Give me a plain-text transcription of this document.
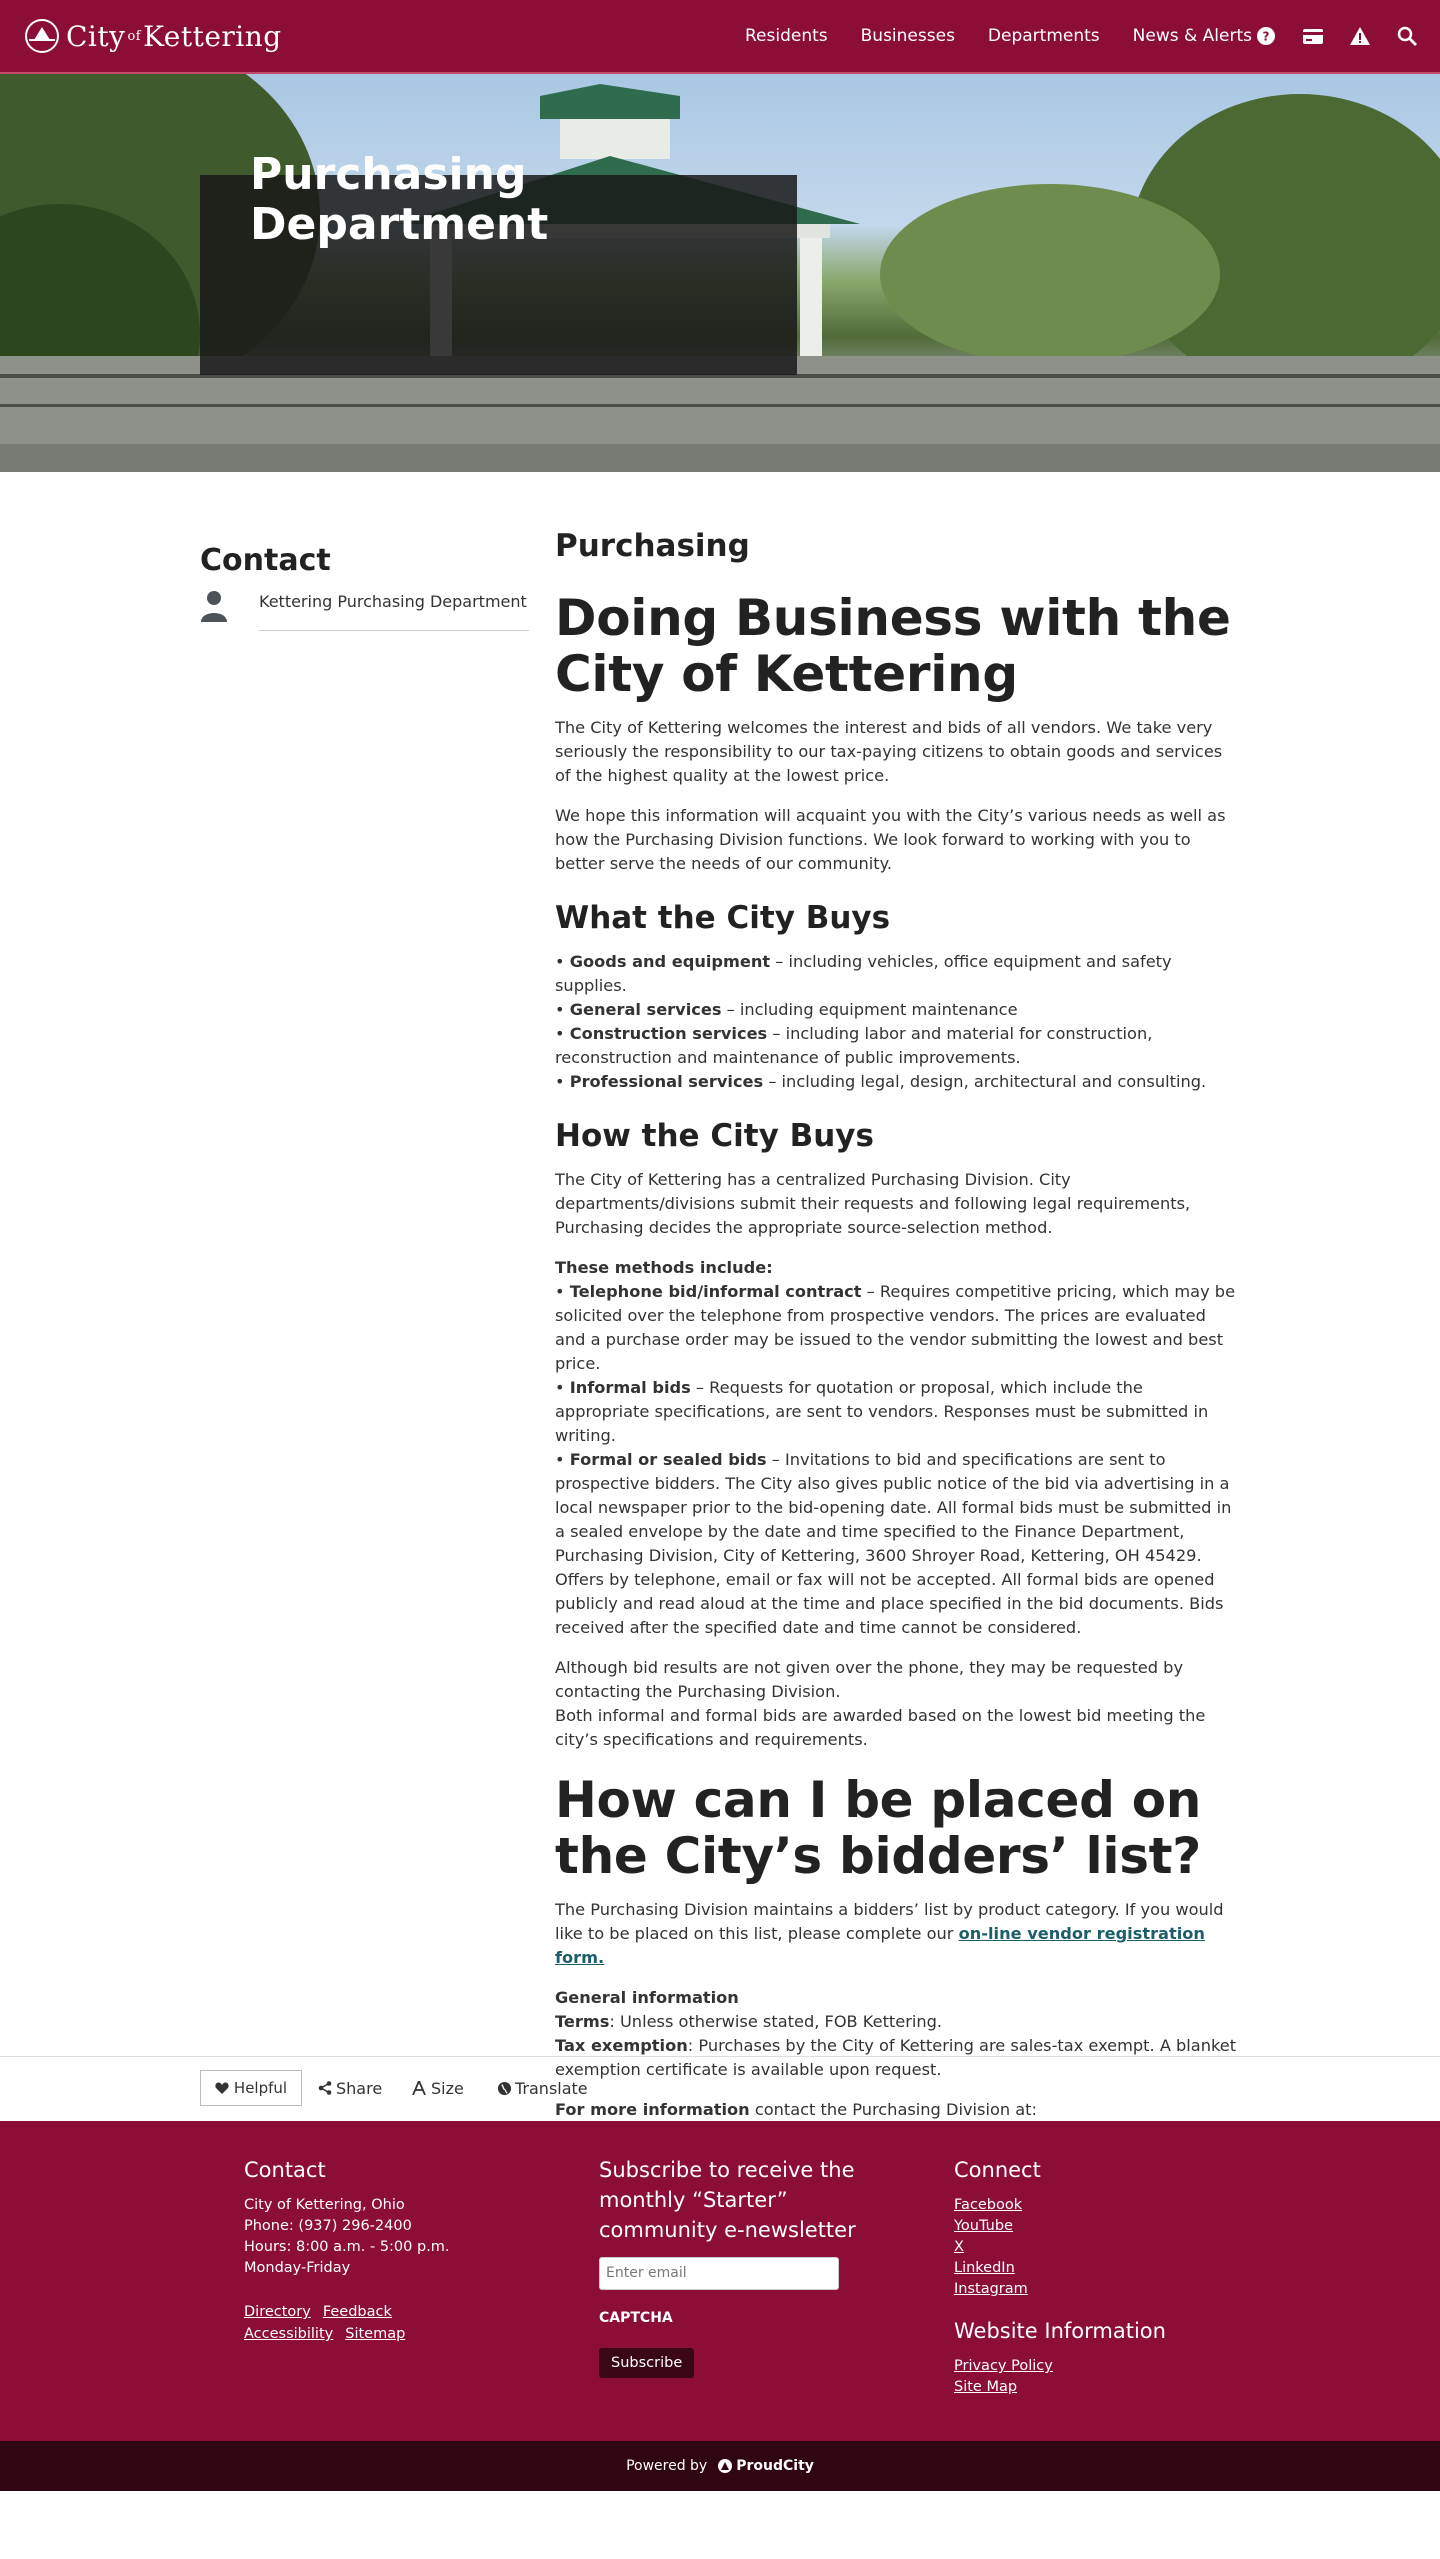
City $^{of}$Kettering	Residents Businesses Departments News & Alerts ?
Purchasing Department
Contact
Kettering Purchasing Department
Purchasing
Doing Business with the City of Kettering

The City of Kettering welcomes the interest and bids of all vendors. We take very seriously the responsibility to our tax-paying citizens to obtain goods and services of the highest quality at the lowest price.

We hope this information will acquaint you with the City’s various needs as well as how the Purchasing Division functions. We look forward to working with you to better serve the needs of our community.

What the City Buys
• Goods and equipment – including vehicles, office equipment and safety supplies.
• General services – including equipment maintenance
• Construction services – including labor and material for construction, reconstruction and maintenance of public improvements.
• Professional services – including legal, design, architectural and consulting.
How the City Buys

The City of Kettering has a centralized Purchasing Division. City departments/divisions submit their requests and following legal requirements, Purchasing decides the appropriate source-selection method.

These methods include:
• Telephone bid/informal contract – Requires competitive pricing, which may be solicited over the telephone from prospective vendors. The prices are evaluated and a purchase order may be issued to the vendor submitting the lowest and best price.
• Informal bids – Requests for quotation or proposal, which include the appropriate specifications, are sent to vendors. Responses must be submitted in writing.
• Formal or sealed bids – Invitations to bid and specifications are sent to prospective bidders. The City also gives public notice of the bid via advertising in a local newspaper prior to the bid-opening date. All formal bids must be submitted in a sealed envelope by the date and time specified to the Finance Department, Purchasing Division, City of Kettering, 3600 Shroyer Road, Kettering, OH 45429. Offers by telephone, email or fax will not be accepted. All formal bids are opened publicly and read aloud at the time and place specified in the bid documents. Bids received after the specified date and time cannot be considered.
Although bid results are not given over the phone, they may be requested by contacting the Purchasing Division.
Both informal and formal bids are awarded based on the lowest bid meeting the city’s specifications and requirements.
How can I be placed on the City’s bidders’ list?

The Purchasing Division maintains a bidders’ list by product category. If you would like to be placed on this list, please complete our on-line vendor registration form.

General information
Terms: Unless otherwise stated, FOB Kettering.
Tax exemption: Purchases by the City of Kettering are sales-tax exempt. A blanket exemption certificate is available upon request.

For more information contact the Purchasing Division at:

Helpful	Share	Size	Translate
Contact
City of Kettering, Ohio
Phone: (937) 296-2400
Hours: 8:00 a.m. - 5:00 p.m.
Monday-Friday
Directory Feedback
Accessibility Sitemap
Subscribe to receive the monthly “Starter” community e-newsletter
Enter email
CAPTCHA
Subscribe
Connect
Facebook
YouTube
X
LinkedIn
Instagram
Website Information
Privacy Policy
Site Map
Powered by ProudCity
